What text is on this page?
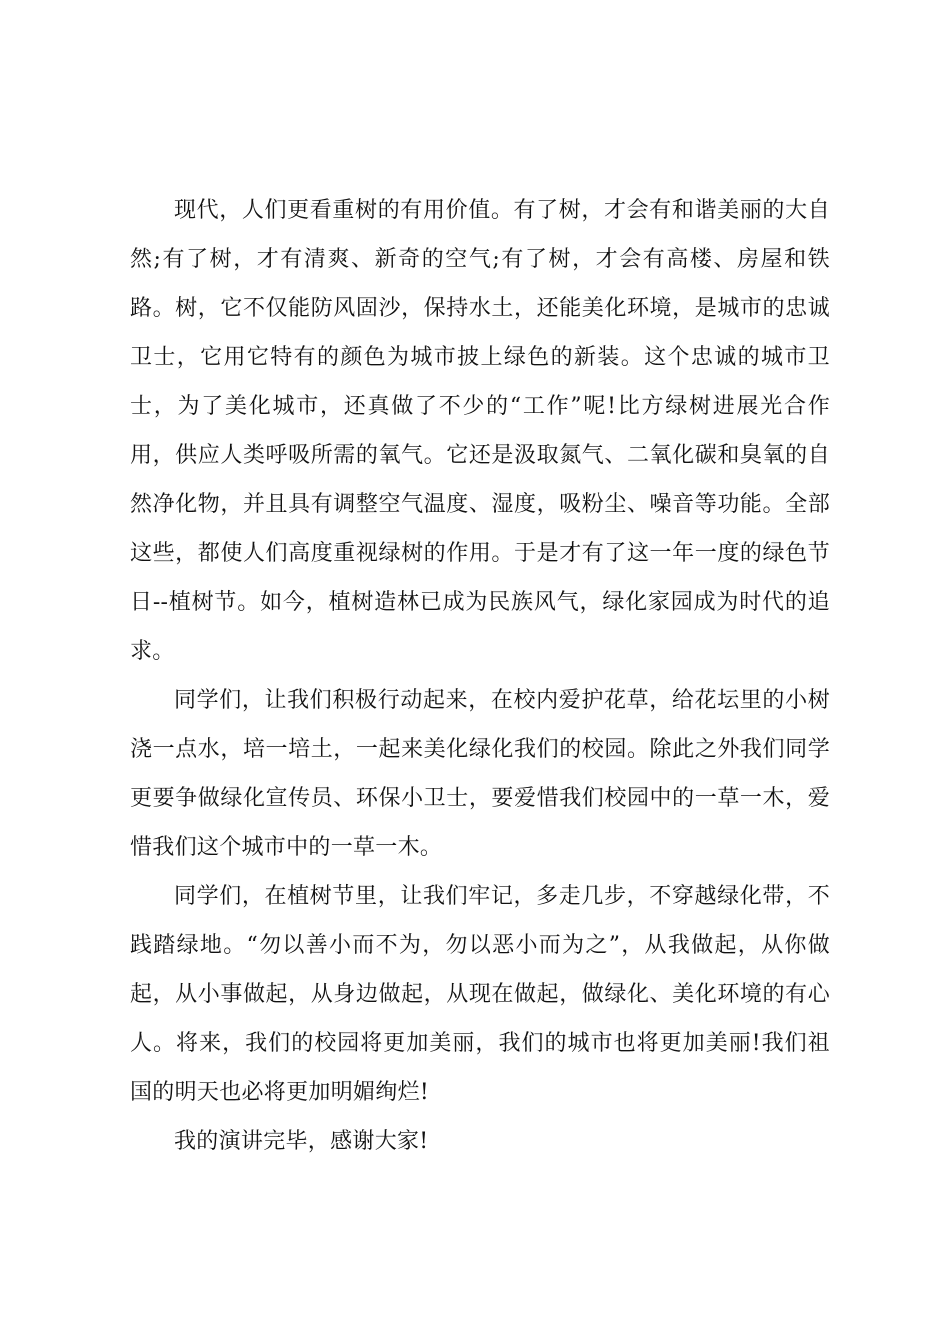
现代，人们更看重树的有用价值。有了树，才会有和谐美丽的大自然;有了树，才有清爽、新奇的空气;有了树，才会有高楼、房屋和铁路。树，它不仅能防风固沙，保持水土，还能美化环境，是城市的忠诚卫士，它用它特有的颜色为城市披上绿色的新装。这个忠诚的城市卫士，为了美化城市，还真做了不少的“工作”呢!比方绿树进展光合作用，供应人类呼吸所需的氧气。它还是汲取氮气、二氧化碳和臭氧的自然净化物，并且具有调整空气温度、湿度，吸粉尘、噪音等功能。全部这些，都使人们高度重视绿树的作用。于是才有了这一年一度的绿色节日--植树节。如今，植树造林已成为民族风气，绿化家园成为时代的追求。

同学们，让我们积极行动起来，在校内爱护花草，给花坛里的小树浇一点水，培一培土，一起来美化绿化我们的校园。除此之外我们同学更要争做绿化宣传员、环保小卫士，要爱惜我们校园中的一草一木，爱惜我们这个城市中的一草一木。

同学们，在植树节里，让我们牢记，多走几步，不穿越绿化带，不践踏绿地。“勿以善小而不为，勿以恶小而为之”，从我做起，从你做起，从小事做起，从身边做起，从现在做起，做绿化、美化环境的有心人。将来，我们的校园将更加美丽，我们的城市也将更加美丽!我们祖国的明天也必将更加明媚绚烂!

我的演讲完毕，感谢大家!
